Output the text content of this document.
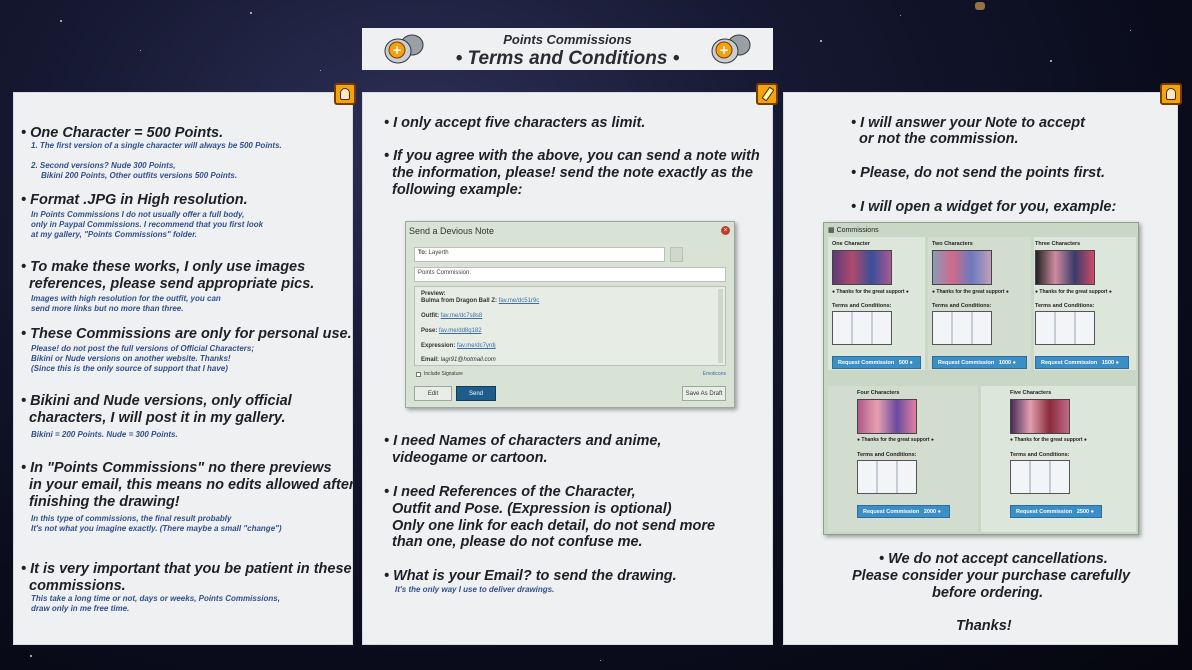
+
Points Commissions
• Terms and Conditions •	+
• One Character = 500 Points.
1. The first version of a single character will always be 500 Points.
2. Second versions? Nude 300 Points,
Bikini 200 Points, Other outfits versions 500 Points.
• Format .JPG in High resolution.
In Points Commissions I do not usually offer a full body,
only in Paypal Commissions. I recommend that you first look
at my gallery, "Points Commissions" folder.
• To make these works, I only use images
references, please send appropriate pics.
Images with high resolution for the outfit, you can
send more links but no more than three.
• These Commissions are only for personal use.
Please! do not post the full versions of Official Characters;
Bikini or Nude versions on another website. Thanks!
(Since this is the only source of support that I have)
• Bikini and Nude versions, only official
characters, I will post it in my gallery.
Bikini = 200 Points. Nude = 300 Points.
• In "Points Commissions" no there previews
in your email, this means no edits allowed after
finishing the drawing!
In this type of commissions, the final result probably
It's not what you imagine exactly. (There maybe a small "change")
• It is very important that you be patient in these
commissions.
This take a long time or not, days or weeks, Points Commissions,
draw only in me free time.
• I only accept five characters as limit.
• If you agree with the above, you can send a note with
the information, please! send the note exactly as the
following example:
Send a Devious Note	×
To: Layerth
Points Commission.
Preview:
Bulma from Dragon Ball Z: fav.me/dc51r9c
Outfit: fav.me/dc7s8s8
Pose: fav.me/dd8g182
Expression: fav.me/dc7yrdj
Email: lagr91@hotmail.com
Include Signature	Emoticons
Edit	Send	Save As Draft
• I need Names of characters and anime,
videogame or cartoon.
• I need References of the Character,
Outfit and Pose. (Expression is optional)
Only one link for each detail, do not send more
than one, please do not confuse me.
• What is your Email? to send the drawing.
It's the only way I use to deliver drawings.
• I will answer your Note to accept
or not the commission.
• Please, do not send the points first.
• I will open a widget for you, example:
▦ Commissions
One Character
● Thanks for the great support ●
Terms and Conditions:
Request Commission 500 ●
Two Characters
● Thanks for the great support ●
Terms and Conditions:
Request Commission 1000 ●
Three Characters
● Thanks for the great support ●
Terms and Conditions:
Request Commission 1500 ●
Four Characters
● Thanks for the great support ●
Terms and Conditions:
Request Commission 2000 ●
Five Characters
● Thanks for the great support ●
Terms and Conditions:
Request Commission 2500 ●
• We do not accept cancellations.
Please consider your purchase carefully
before ordering.
Thanks!
